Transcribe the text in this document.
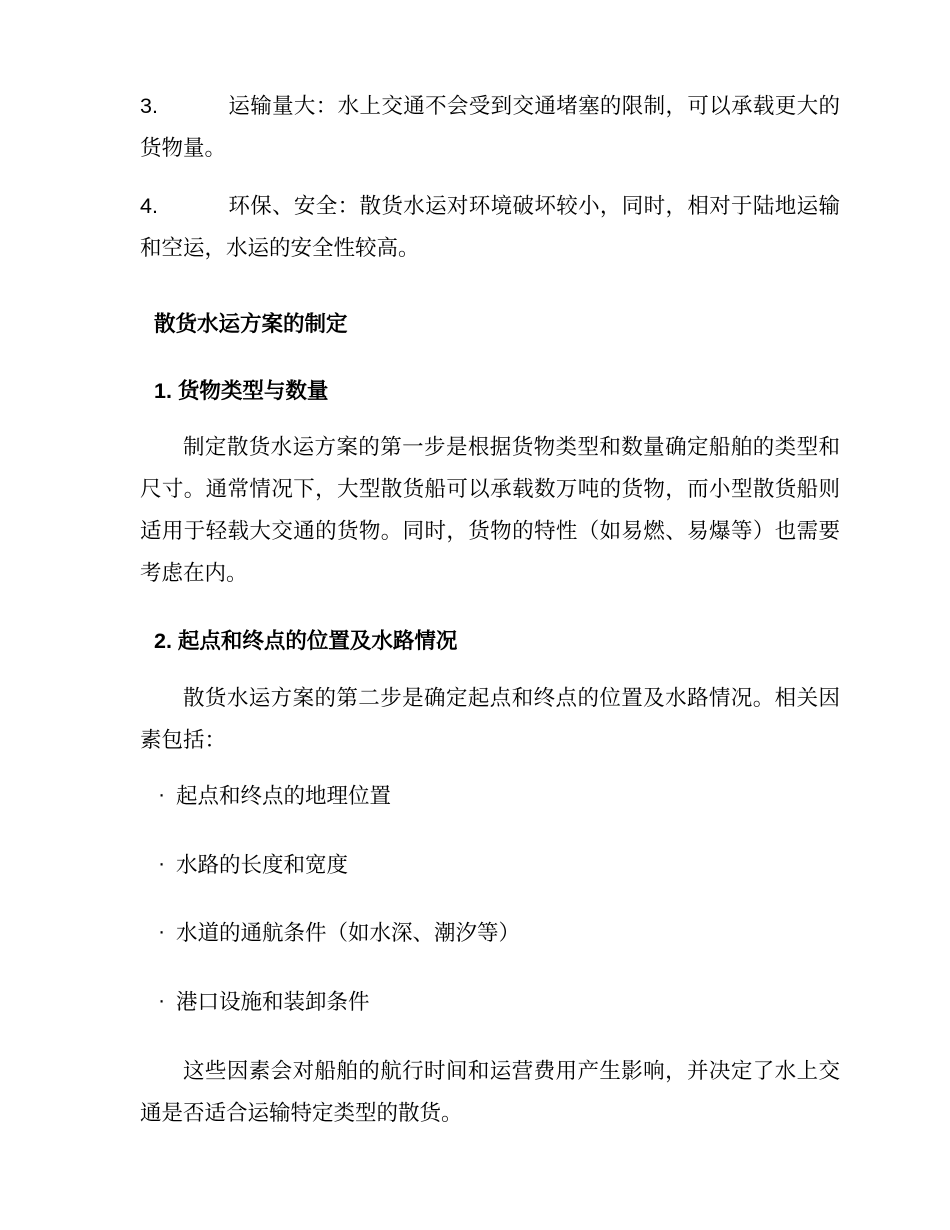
3.	运输量大：水上交通不会受到交通堵塞的限制，可以承载更大的货物量。

4.	环保、安全：散货水运对环境破坏较小，同时，相对于陆地运输和空运，水运的安全性较高。

散货水运方案的制定
1. 货物类型与数量

制定散货水运方案的第一步是根据货物类型和数量确定船舶的类型和尺寸。通常情况下，大型散货船可以承载数万吨的货物，而小型散货船则适用于轻载大交通的货物。同时，货物的特性（如易燃、易爆等）也需要考虑在内。

2. 起点和终点的位置及水路情况

散货水运方案的第二步是确定起点和终点的位置及水路情况。相关因素包括：

· 起点和终点的地理位置
· 水路的长度和宽度
· 水道的通航条件（如水深、潮汐等）
· 港口设施和装卸条件

这些因素会对船舶的航行时间和运营费用产生影响，并决定了水上交通是否适合运输特定类型的散货。
